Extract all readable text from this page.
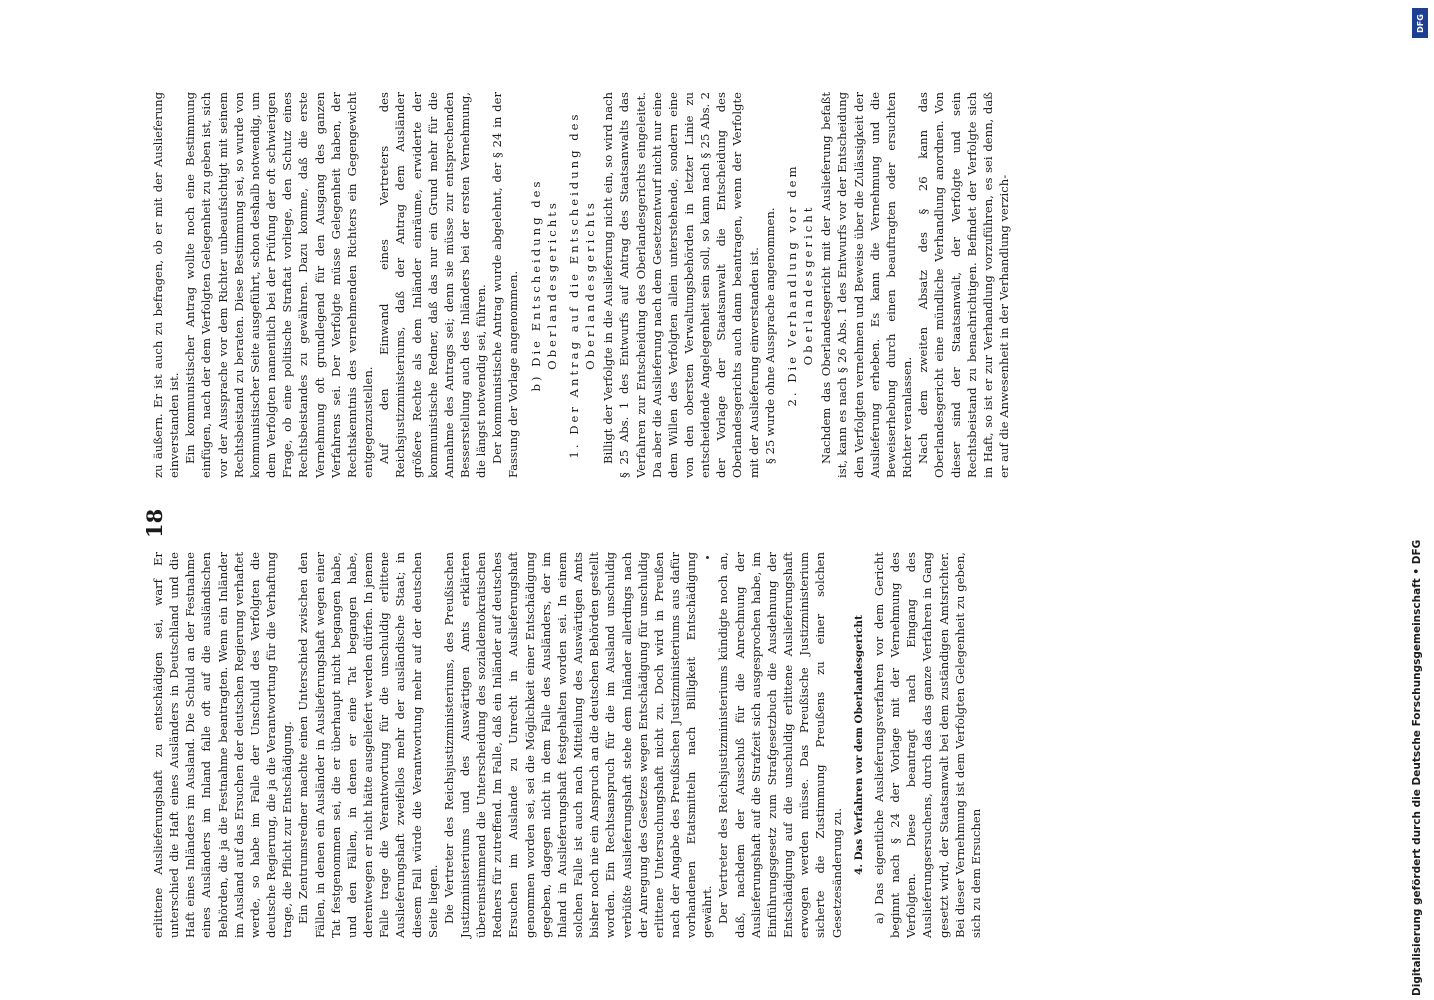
18

erlittene Auslieferungshaft zu entschädigen sei, warf Er unterschied die Haft eines Ausländers in Deutschland und die Haft eines Inländers im Ausland. Die Schuld an der Festnahme eines Ausländers im Inland falle oft auf die ausländischen Behörden, die ja die Festnahme beantragten. Wenn ein Inländer im Ausland auf das Ersuchen der deutschen Regierung verhaftet werde, so habe im Falle der Unschuld des Verfolgten die deutsche Regierung, die ja die Verantwortung für die Verhaftung trage, die Pflicht zur Entschädigung. Ein Zentrumsredner machte einen Unterschied zwischen den Fällen, in denen ein Ausländer in Auslieferungshaft wegen einer Tat festgenommen sei, die er überhaupt nicht begangen habe, und den Fällen, in denen er eine Tat begangen habe, derentwegen er nicht hätte ausgeliefert werden dürfen. In jenem Falle trage die Verantwortung für die unschuldig erlittene Auslieferungshaft zweifellos mehr der ausländische Staat; in diesem Fall würde die Verantwortung mehr auf der deutschen Seite liegen. Die Vertreter des Reichsjustizministeriums, des Preußischen Justizministeriums und des Auswärtigen Amts erklärten übereinstimmend die Unterscheidung des sozialdemokratischen Redners für zutreffend. Im Falle, daß ein Inländer auf deutsches Ersuchen im Auslande zu Unrecht in Auslieferungshaft genommen worden sei, sei die Möglichkeit einer Entschädigung gegeben, dagegen nicht in dem Falle des Ausländers, der im Inland in Auslieferungshaft festgehalten worden sei. In einem solchen Falle ist auch nach Mitteilung des Auswärtigen Amts bisher noch nie ein Anspruch an die deutschen Behörden gestellt worden. Ein Rechtsanspruch für die im Ausland unschuldig verbüßte Auslieferungshaft stehe dem Inländer allerdings nach der Anregung des Gesetzes wegen Entschädigung für unschuldig erlittene Untersuchungshaft nicht zu. Doch wird in Preußen nach der Angabe des Preußischen Justizministeriums aus dafür vorhandenen Etatsmitteln nach Billigkeit Entschädigung gewährt. Der Vertreter des Reichsjustizministeriums kündigte noch an, daß, nachdem der Ausschuß für die Anrechnung der Auslieferungshaft auf die Strafzeit sich ausgesprochen habe, im Einführungsgesetz zum Strafgesetzbuch die Ausdehnung der Entschädigung auf die unschuldig erlittene Auslieferungshaft erwogen werden müsse. Das Preußische Justizministerium sicherte die Zustimmung Preußens zu einer solchen Gesetzesänderung zu. 4. Das Verfahren vor dem Oberlandesgericht a) Das eigentliche Auslieferungsverfahren vor dem Gericht beginnt nach § 24 der Vorlage mit der Vernehmung des Verfolgten. Diese beantragt nach Eingang des Auslieferungsersuchens, durch das das ganze Verfahren in Gang gesetzt wird, der Staatsanwalt bei dem zuständigen Amtsrichter. Bei dieser Vernehmung ist dem Verfolgten Gelegenheit zu geben, sich zu dem Ersuchen

zu äußern. Er ist auch zu befragen, ob er mit der Auslieferung einverstanden ist. Ein kommunistischer Antrag wollte noch eine Bestimmung einfügen, nach der dem Verfolgten Gelegenheit zu geben ist, sich vor der Aussprache vor dem Richter unbeaufsichtigt mit seinem Rechtsbeistand zu beraten. Diese Bestimmung sei, so wurde von kommunistischer Seite ausgeführt, schon deshalb notwendig, um dem Verfolgten namentlich bei der Prüfung der oft schwierigen Frage, ob eine politische Straftat vorliege, den Schutz eines Rechtsbeistandes zu gewähren. Dazu komme, daß die erste Vernehmung oft grundlegend für den Ausgang des ganzen Verfahrens sei. Der Verfolgte müsse Gelegenheit haben, der Rechtskenntnis des vernehmenden Richters ein Gegengewicht entgegenzustellen. Auf den Einwand eines Vertreters des Reichsjustizministeriums, daß der Antrag dem Ausländer größere Rechte als dem Inländer einräume, erwiderte der kommunistische Redner, daß das nur ein Grund mehr für die Annahme des Antrags sei; denn sie müsse zur entsprechenden Besserstellung auch des Inländers bei der ersten Vernehmung, die längst notwendig sei, führen. Der kommunistische Antrag wurde abgelehnt, der § 24 in der Fassung der Vorlage angenommen. b) Die Entscheidung des Oberlandesgerichts 1. Der Antrag auf die Entscheidung des Oberlandesgerichts Billigt der Verfolgte in die Auslieferung nicht ein, so wird nach § 25 Abs. 1 des Entwurfs auf Antrag des Staatsanwalts das Verfahren zur Entscheidung des Oberlandesgerichts eingeleitet. Da aber die Auslieferung nach dem Gesetzentwurf nicht nur eine dem Willen des Verfolgten allein unterstehende, sondern eine von den obersten Verwaltungsbehörden in letzter Linie zu entscheidende Angelegenheit sein soll, so kann nach § 25 Abs. 2 der Vorlage der Staatsanwalt die Entscheidung des Oberlandesgerichts auch dann beantragen, wenn der Verfolgte mit der Auslieferung einverstanden ist. § 25 wurde ohne Aussprache angenommen. 2. Die Verhandlung vor dem Oberlandesgericht Nachdem das Oberlandesgericht mit der Auslieferung befaßt ist, kann es nach § 26 Abs. 1 des Entwurfs vor der Entscheidung den Verfolgten vernehmen und Beweise über die Zulässigkeit der Auslieferung erheben. Es kann die Vernehmung und die Beweiserhebung durch einen beauftragten oder ersuchten Richter veranlassen. Nach dem zweiten Absatz des § 26 kann das Oberlandesgericht eine mündliche Verhandlung anordnen. Von dieser sind der Staatsanwalt, der Verfolgte und sein Rechtsbeistand zu benachrichtigen. Befindet der Verfolgte sich in Haft, so ist er zur Verhandlung vorzuführen, es sei denn, daß er auf die Anwesenheit in der Verhandlung verzich-

Digitalisierung gefördert durch die Deutsche Forschungsgemeinschaft • DFG
DFG
